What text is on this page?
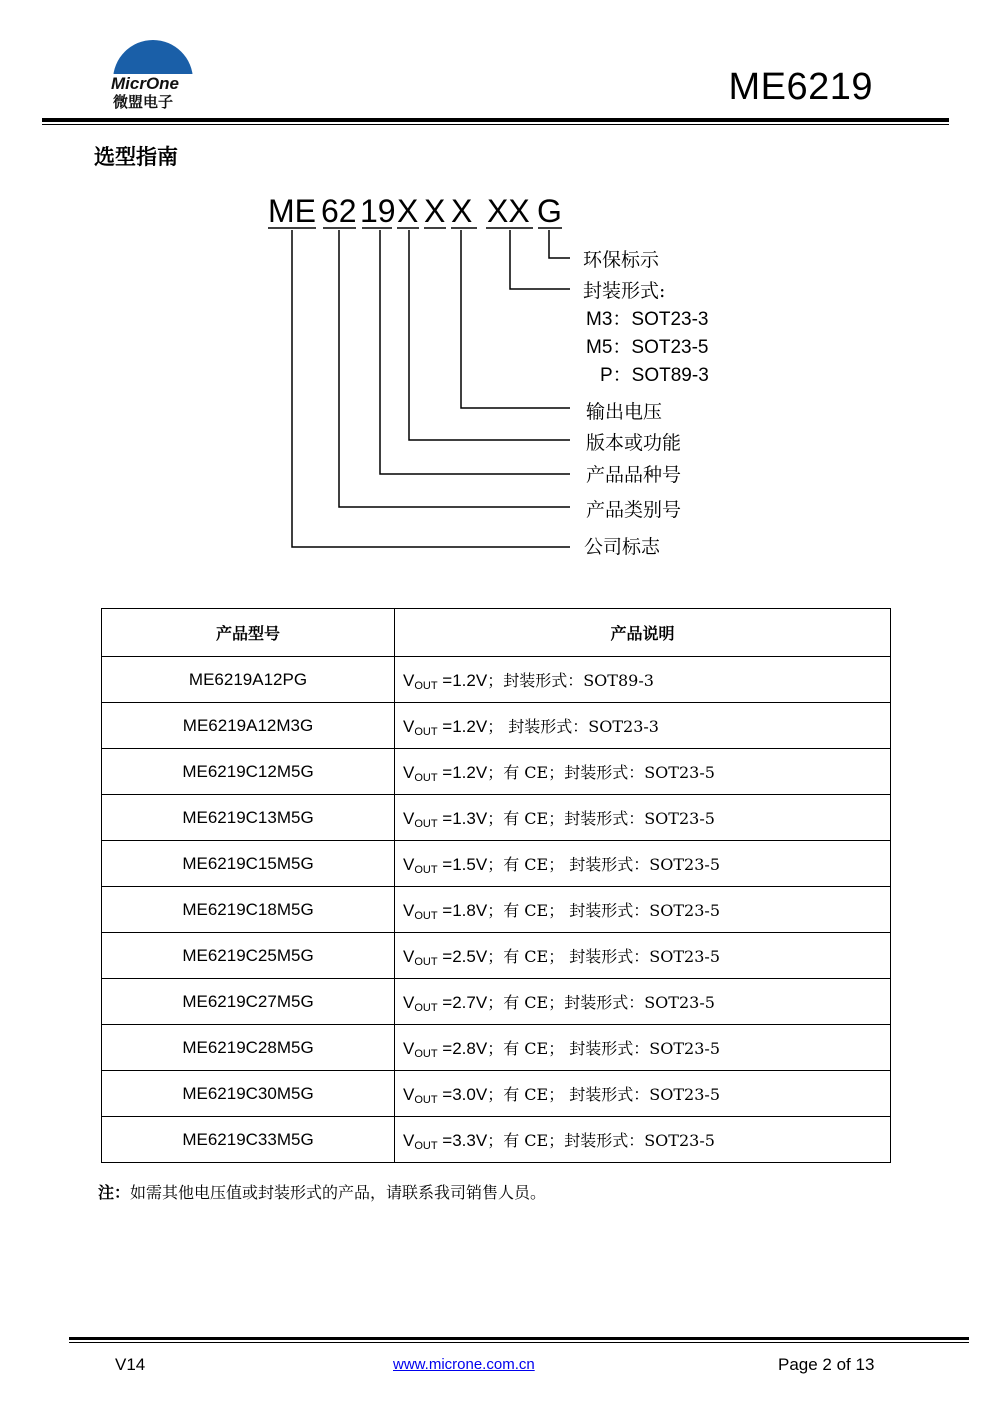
MicrOne
微盟电子	ME6219
选型指南
ME 62 19 X X X XX G
环保标示
封装形式:
M3：SOT23-3
M5：SOT23-5
P：SOT89-3
输出电压
版本或功能
产品品种号
产品类别号
公司标志
产品型号	产品说明
ME6219A12PG	$V_{OUT} =1.2V$；封装形式：SOT89-3
ME6219A12M3G	$V_{OUT} =1.2V$； 封装形式：SOT23-3
ME6219C12M5G	$V_{OUT} =1.2V$；有 CE；封装形式：SOT23-5
ME6219C13M5G	$V_{OUT} =1.3V$；有 CE；封装形式：SOT23-5
ME6219C15M5G	$V_{OUT} =1.5V$；有 CE； 封装形式：SOT23-5
ME6219C18M5G	$V_{OUT} =1.8V$；有 CE； 封装形式：SOT23-5
ME6219C25M5G	$V_{OUT} =2.5V$；有 CE； 封装形式：SOT23-5
ME6219C27M5G	$V_{OUT} =2.7V$；有 CE；封装形式：SOT23-5
ME6219C28M5G	$V_{OUT} =2.8V$；有 CE； 封装形式：SOT23-5
ME6219C30M5G	$V_{OUT} =3.0V$；有 CE； 封装形式：SOT23-5
ME6219C33M5G	$V_{OUT} =3.3V$；有 CE；封装形式：SOT23-5
注：如需其他电压值或封装形式的产品，请联系我司销售人员。
V14	www.microne.com.cn	Page 2 of 13
